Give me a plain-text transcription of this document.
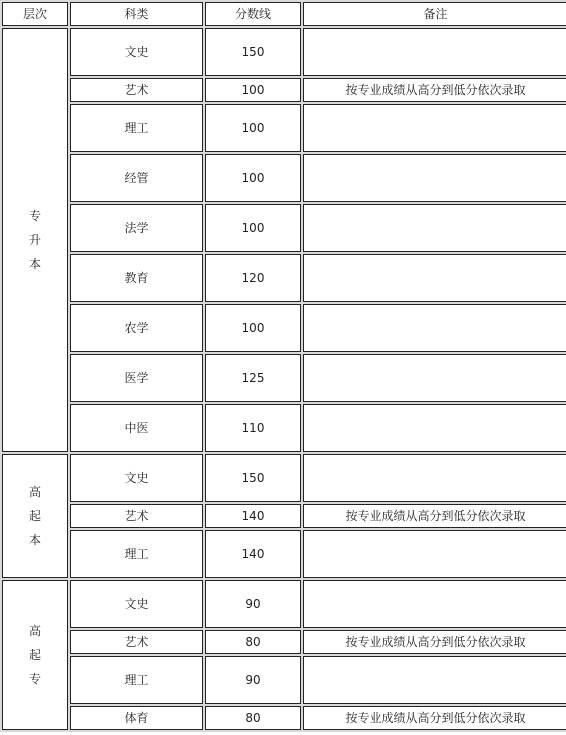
层次	科类	分数线	备注
专升本	文史	150	
	艺术	100	按专业成绩从高分到低分依次录取
	理工	100	
	经管	100	
	法学	100	
	教育	120	
	农学	100	
	医学	125	
	中医	110	
高起本	文史	150	
	艺术	140	按专业成绩从高分到低分依次录取
	理工	140	
高起专	文史	90	
	艺术	80	按专业成绩从高分到低分依次录取
	理工	90	
	体育	80	按专业成绩从高分到低分依次录取
